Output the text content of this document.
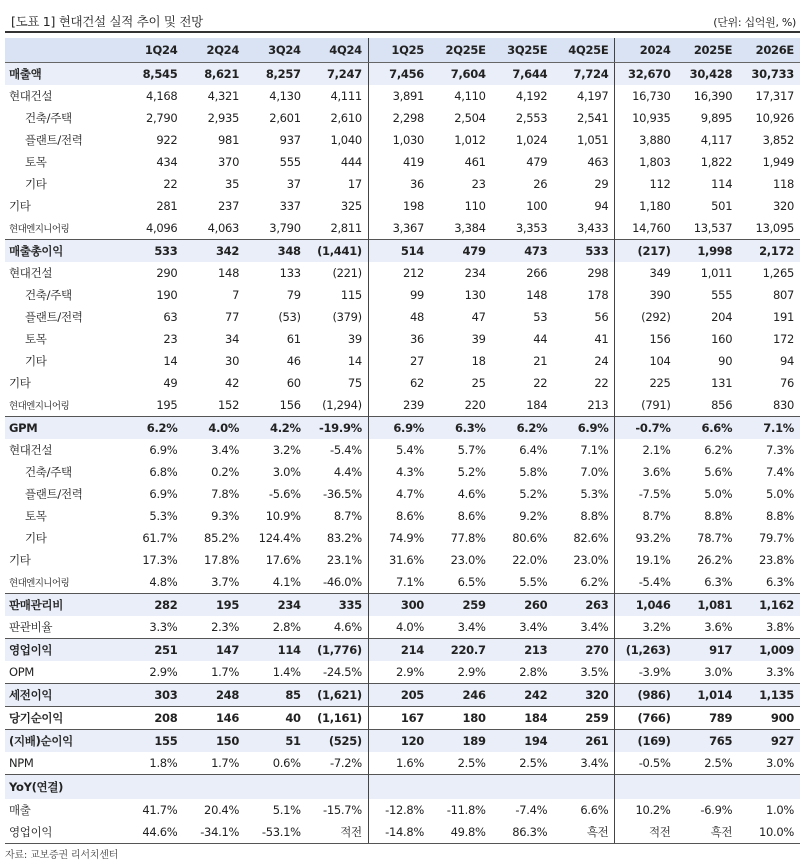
[도표 1] 현대건설 실적 추이 및 전망	(단위: 십억원, %)
	1Q24	2Q24	3Q24	4Q24	1Q25	2Q25E	3Q25E	4Q25E	2024	2025E	2026E
매출액	8,545	8,621	8,257	7,247	7,456	7,604	7,644	7,724	32,670	30,428	30,733
현대건설	4,168	4,321	4,130	4,111	3,891	4,110	4,192	4,197	16,730	16,390	17,317
건축/주택	2,790	2,935	2,601	2,610	2,298	2,504	2,553	2,541	10,935	9,895	10,926
플랜트/전력	922	981	937	1,040	1,030	1,012	1,024	1,051	3,880	4,117	3,852
토목	434	370	555	444	419	461	479	463	1,803	1,822	1,949
기타	22	35	37	17	36	23	26	29	112	114	118
기타	281	237	337	325	198	110	100	94	1,180	501	320
현대엔지니어링	4,096	4,063	3,790	2,811	3,367	3,384	3,353	3,433	14,760	13,537	13,095
매출총이익	533	342	348	(1,441)	514	479	473	533	(217)	1,998	2,172
현대건설	290	148	133	(221)	212	234	266	298	349	1,011	1,265
건축/주택	190	7	79	115	99	130	148	178	390	555	807
플랜트/전력	63	77	(53)	(379)	48	47	53	56	(292)	204	191
토목	23	34	61	39	36	39	44	41	156	160	172
기타	14	30	46	14	27	18	21	24	104	90	94
기타	49	42	60	75	62	25	22	22	225	131	76
현대엔지니어링	195	152	156	(1,294)	239	220	184	213	(791)	856	830
GPM	6.2%	4.0%	4.2%	-19.9%	6.9%	6.3%	6.2%	6.9%	-0.7%	6.6%	7.1%
현대건설	6.9%	3.4%	3.2%	-5.4%	5.4%	5.7%	6.4%	7.1%	2.1%	6.2%	7.3%
건축/주택	6.8%	0.2%	3.0%	4.4%	4.3%	5.2%	5.8%	7.0%	3.6%	5.6%	7.4%
플랜트/전력	6.9%	7.8%	-5.6%	-36.5%	4.7%	4.6%	5.2%	5.3%	-7.5%	5.0%	5.0%
토목	5.3%	9.3%	10.9%	8.7%	8.6%	8.6%	9.2%	8.8%	8.7%	8.8%	8.8%
기타	61.7%	85.2%	124.4%	83.2%	74.9%	77.8%	80.6%	82.6%	93.2%	78.7%	79.7%
기타	17.3%	17.8%	17.6%	23.1%	31.6%	23.0%	22.0%	23.0%	19.1%	26.2%	23.8%
현대엔지니어링	4.8%	3.7%	4.1%	-46.0%	7.1%	6.5%	5.5%	6.2%	-5.4%	6.3%	6.3%
판매관리비	282	195	234	335	300	259	260	263	1,046	1,081	1,162
판관비율	3.3%	2.3%	2.8%	4.6%	4.0%	3.4%	3.4%	3.4%	3.2%	3.6%	3.8%
영업이익	251	147	114	(1,776)	214	220.7	213	270	(1,263)	917	1,009
OPM	2.9%	1.7%	1.4%	-24.5%	2.9%	2.9%	2.8%	3.5%	-3.9%	3.0%	3.3%
세전이익	303	248	85	(1,621)	205	246	242	320	(986)	1,014	1,135
당기순이익	208	146	40	(1,161)	167	180	184	259	(766)	789	900
(지배)순이익	155	150	51	(525)	120	189	194	261	(169)	765	927
NPM	1.8%	1.7%	0.6%	-7.2%	1.6%	2.5%	2.5%	3.4%	-0.5%	2.5%	3.0%
YoY(연결)											
매출	41.7%	20.4%	5.1%	-15.7%	-12.8%	-11.8%	-7.4%	6.6%	10.2%	-6.9%	1.0%
영업이익	44.6%	-34.1%	-53.1%	적전	-14.8%	49.8%	86.3%	흑전	적전	흑전	10.0%
자료: 교보증권 리서치센터
